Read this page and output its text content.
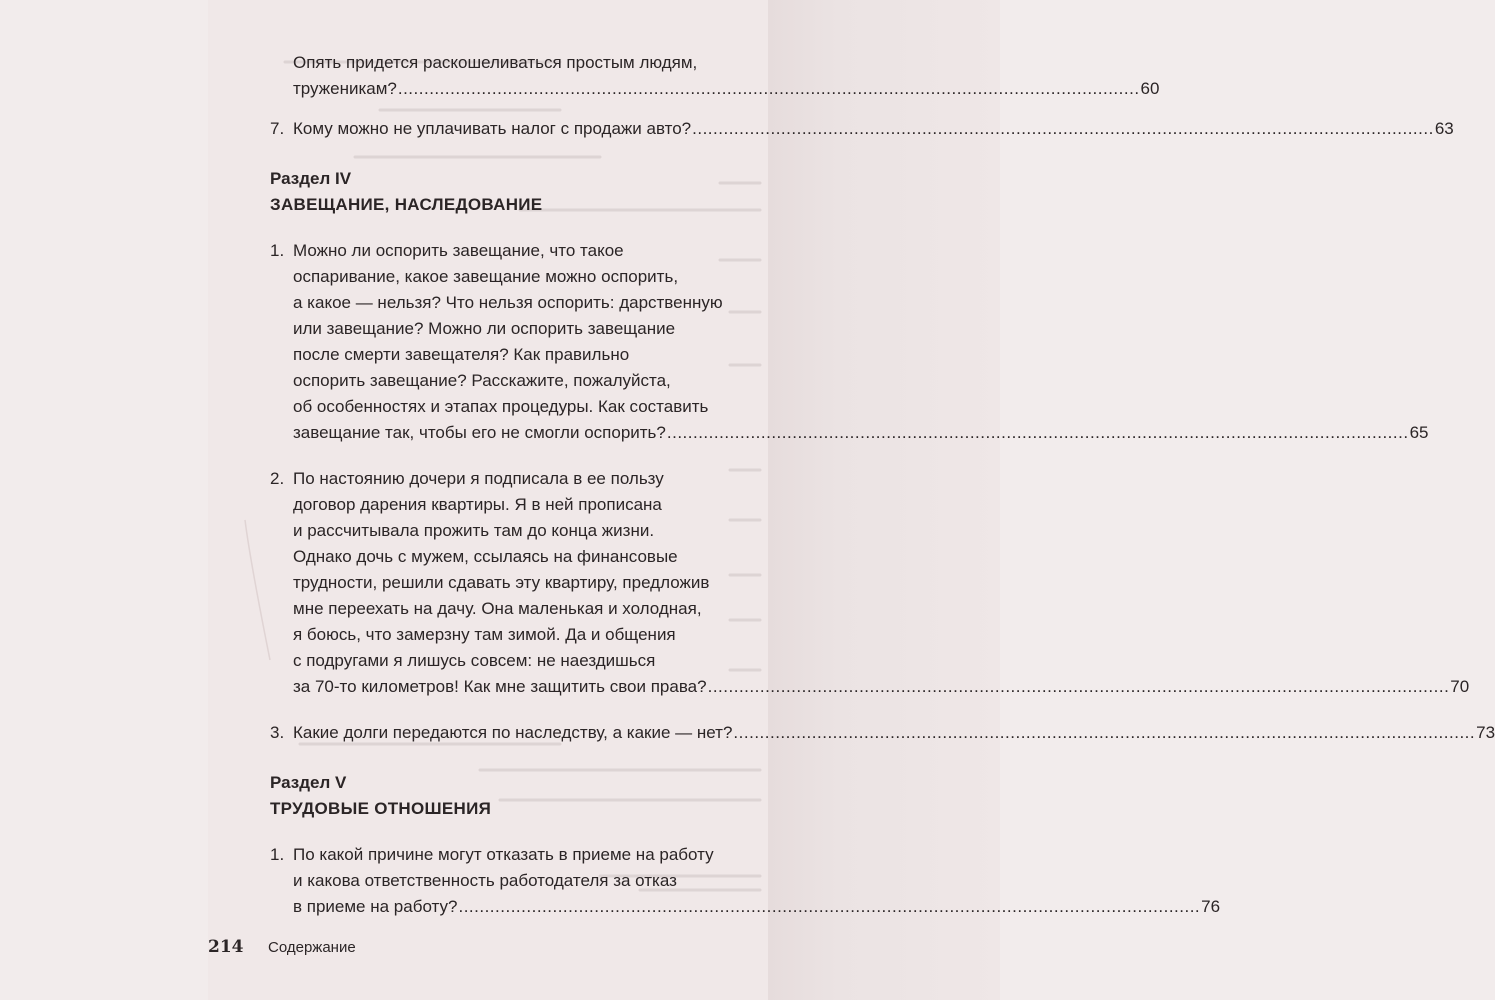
Опять придется раскошеливаться простым людям,
труженикам? .....	60
7. Кому можно не уплачивать налог с продажи авто? .....	63

Раздел IV

ЗАВЕЩАНИЕ, НАСЛЕДОВАНИЕ

1. Можно ли оспорить завещание, что такое
оспаривание, какое завещание можно оспорить,
а какое — нельзя? Что нельзя оспорить: дарственную
или завещание? Можно ли оспорить завещание
после смерти завещателя? Как правильно
оспорить завещание? Расскажите, пожалуйста,
об особенностях и этапах процедуры. Как составить
завещание так, чтобы его не смогли оспорить? .....	65
2. По настоянию дочери я подписала в ее пользу
договор дарения квартиры. Я в ней прописана
и рассчитывала прожить там до конца жизни.
Однако дочь с мужем, ссылаясь на финансовые
трудности, решили сдавать эту квартиру, предложив
мне переехать на дачу. Она маленькая и холодная,
я боюсь, что замерзну там зимой. Да и общения
с подругами я лишусь совсем: не наездишься
за 70-то километров! Как мне защитить свои права? .....	70
3. Какие долги передаются по наследству, а какие — нет? .....	73

Раздел V

ТРУДОВЫЕ ОТНОШЕНИЯ

1. По какой причине могут отказать в приеме на работу
и какова ответственность работодателя за отказ
в приеме на работу? .....	76
214 Содержание
